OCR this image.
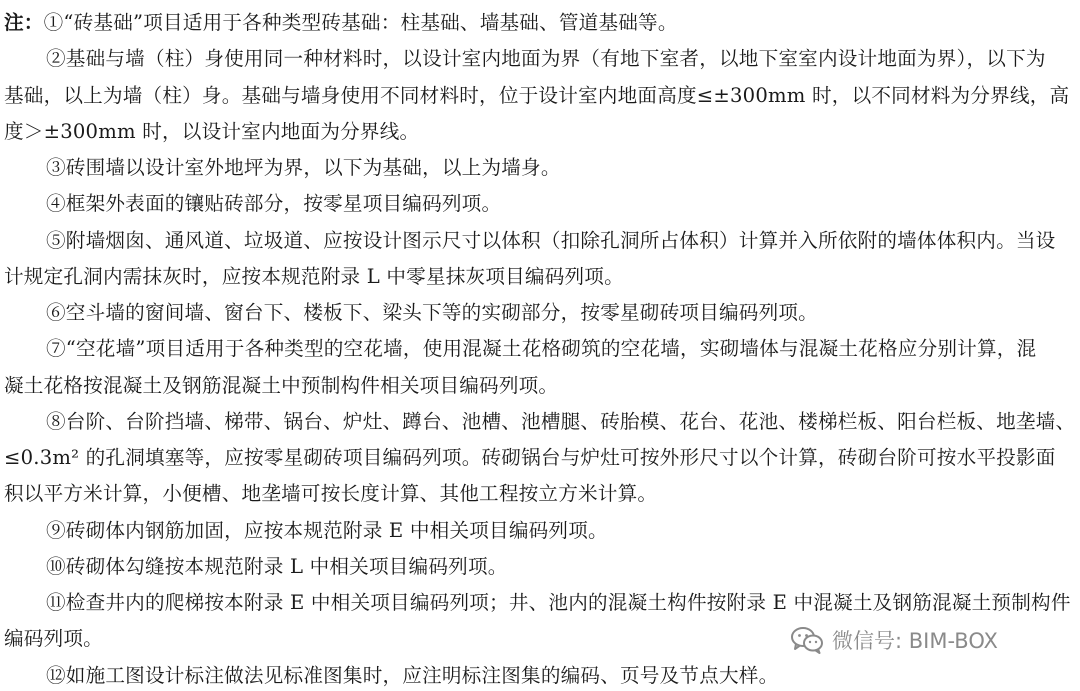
注：①“砖基础”项目适用于各种类型砖基础：柱基础、墙基础、管道基础等。
②基础与墙（柱）身使用同一种材料时，以设计室内地面为界（有地下室者，以地下室室内设计地面为界），以下为
基础，以上为墙（柱）身。基础与墙身使用不同材料时，位于设计室内地面高度≤±300mm 时，以不同材料为分界线，高
度＞±300mm 时，以设计室内地面为分界线。
③砖围墙以设计室外地坪为界，以下为基础，以上为墙身。
④框架外表面的镶贴砖部分，按零星项目编码列项。
⑤附墙烟囱、通风道、垃圾道、应按设计图示尺寸以体积（扣除孔洞所占体积）计算并入所依附的墙体体积内。当设
计规定孔洞内需抹灰时，应按本规范附录 L 中零星抹灰项目编码列项。
⑥空斗墙的窗间墙、窗台下、楼板下、梁头下等的实砌部分，按零星砌砖项目编码列项。
⑦“空花墙”项目适用于各种类型的空花墙，使用混凝土花格砌筑的空花墙，实砌墙体与混凝土花格应分别计算，混
凝土花格按混凝土及钢筋混凝土中预制构件相关项目编码列项。
⑧台阶、台阶挡墙、梯带、锅台、炉灶、蹲台、池槽、池槽腿、砖胎模、花台、花池、楼梯栏板、阳台栏板、地垄墙、
≤0.3m² 的孔洞填塞等，应按零星砌砖项目编码列项。砖砌锅台与炉灶可按外形尺寸以个计算，砖砌台阶可按水平投影面
积以平方米计算，小便槽、地垄墙可按长度计算、其他工程按立方米计算。
⑨砖砌体内钢筋加固，应按本规范附录 E 中相关项目编码列项。
⑩砖砌体勾缝按本规范附录 L 中相关项目编码列项。
⑪检查井内的爬梯按本附录 E 中相关项目编码列项；井、池内的混凝土构件按附录 E 中混凝土及钢筋混凝土预制构件
编码列项。
⑫如施工图设计标注做法见标准图集时，应注明标注图集的编码、页号及节点大样。
微信号: BIM-BOX
